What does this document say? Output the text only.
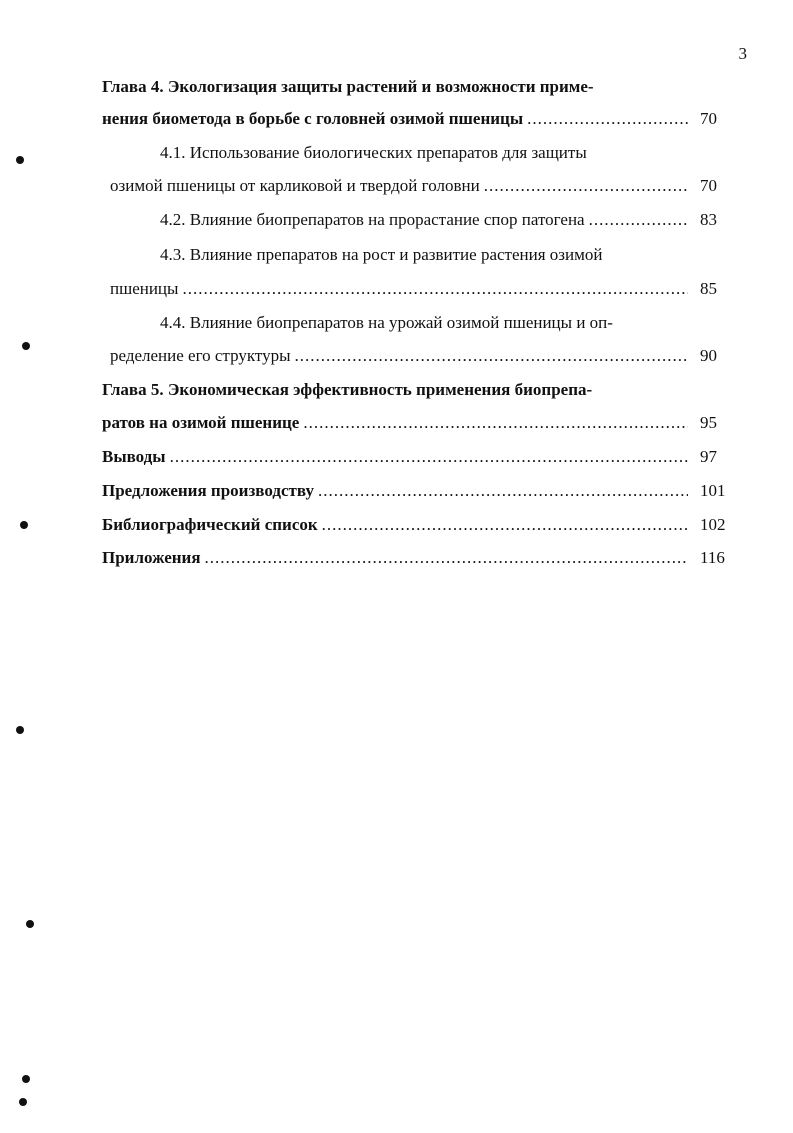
3
Глава 4. Экологизация защиты растений и возможности приме-
нения биометода в борьбе с головней озимой пшеницы .....	70
4.1. Использование биологических препаратов для защиты
озимой пшеницы от карликовой и твердой головни .....	70
4.2. Влияние биопрепаратов на прорастание спор патогена .....	83
4.3. Влияние препаратов на рост и развитие растения озимой
пшеницы .....	85
4.4. Влияние биопрепаратов на урожай озимой пшеницы и оп-
ределение его структуры .....	90
Глава 5. Экономическая эффективность применения биопрепа-
ратов на озимой пшенице .....	95
Выводы .....	97
Предложения производству .....	101
Библиографический список .....	102
Приложения .....	116
